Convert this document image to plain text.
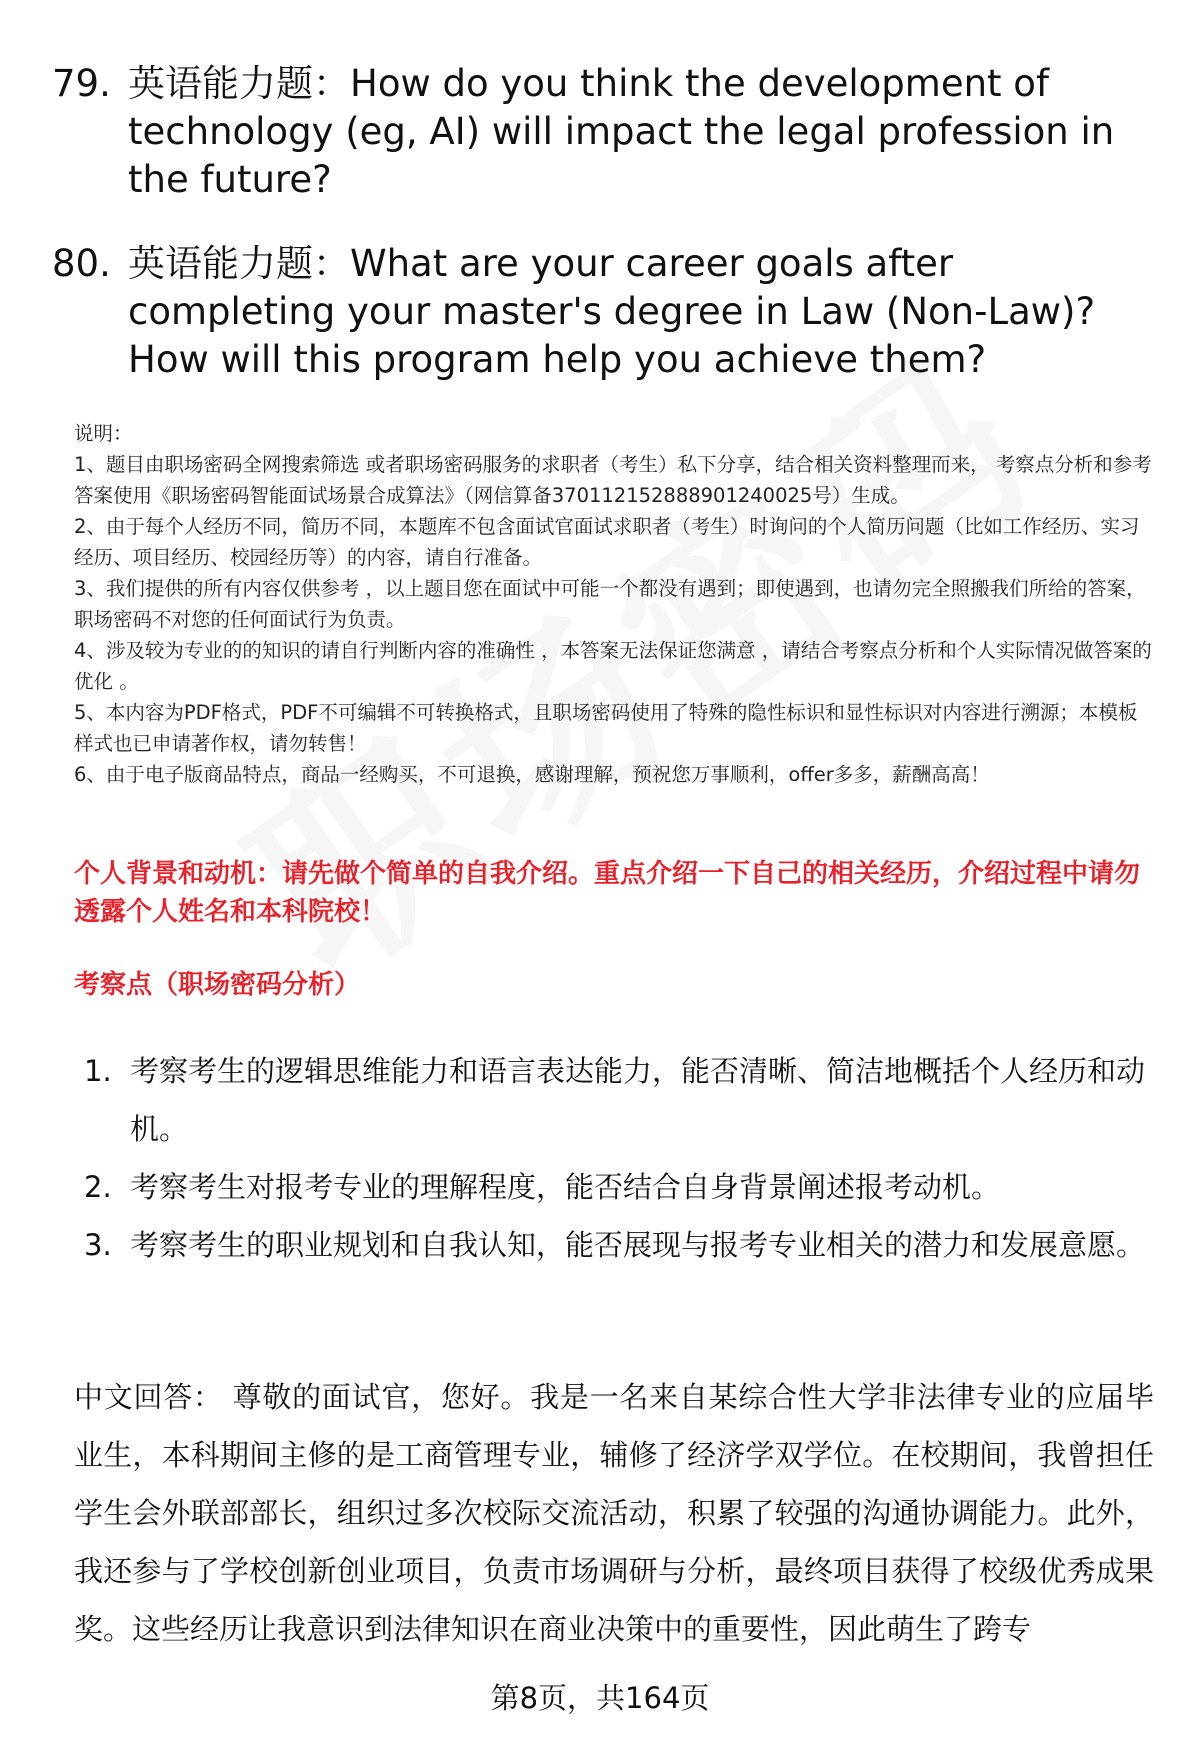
79. 英语能力题：How do you think the development of technology (eg, AI) will impact the legal profession in the future?
80. 英语能力题：What are your career goals after completing your master's degree in Law (Non-Law)? How will this program help you achieve them?

说明：

1、题目由职场密码全网搜索筛选 或者职场密码服务的求职者（考生）私下分享，结合相关资料整理而来， 考察点分析和参考答案使用《职场密码智能面试场景合成算法》（网信算备370112152888901240025号）生成。

2、由于每个人经历不同，简历不同，本题库不包含面试官面试求职者（考生）时询问的个人简历问题（比如工作经历、实习经历、项目经历、校园经历等）的内容，请自行准备。

3、我们提供的所有内容仅供参考 ，以上题目您在面试中可能一个都没有遇到；即使遇到，也请勿完全照搬我们所给的答案，职场密码不对您的任何面试行为负责。

4、涉及较为专业的的知识的请自行判断内容的准确性 ，本答案无法保证您满意 ，请结合考察点分析和个人实际情况做答案的优化 。

5、本内容为PDF格式，PDF不可编辑不可转换格式，且职场密码使用了特殊的隐性标识和显性标识对内容进行溯源；本模板样式也已申请著作权，请勿转售！

6、由于电子版商品特点，商品一经购买，不可退换，感谢理解，预祝您万事顺利，offer多多，薪酬高高！

个人背景和动机：请先做个简单的自我介绍。重点介绍一下自己的相关经历，介绍过程中请勿透露个人姓名和本科院校！
考察点（职场密码分析）
1. 考察考生的逻辑思维能力和语言表达能力，能否清晰、简洁地概括个人经历和动机。
2. 考察考生对报考专业的理解程度，能否结合自身背景阐述报考动机。
3. 考察考生的职业规划和自我认知，能否展现与报考专业相关的潜力和发展意愿。
中文回答： 尊敬的面试官，您好。我是一名来自某综合性大学非法律专业的应届毕业生，本科期间主修的是工商管理专业，辅修了经济学双学位。在校期间，我曾担任学生会外联部部长，组织过多次校际交流活动，积累了较强的沟通协调能力。此外，我还参与了学校创新创业项目，负责市场调研与分析，最终项目获得了校级优秀成果奖。这些经历让我意识到法律知识在商业决策中的重要性，因此萌生了跨专
第8页，共164页
